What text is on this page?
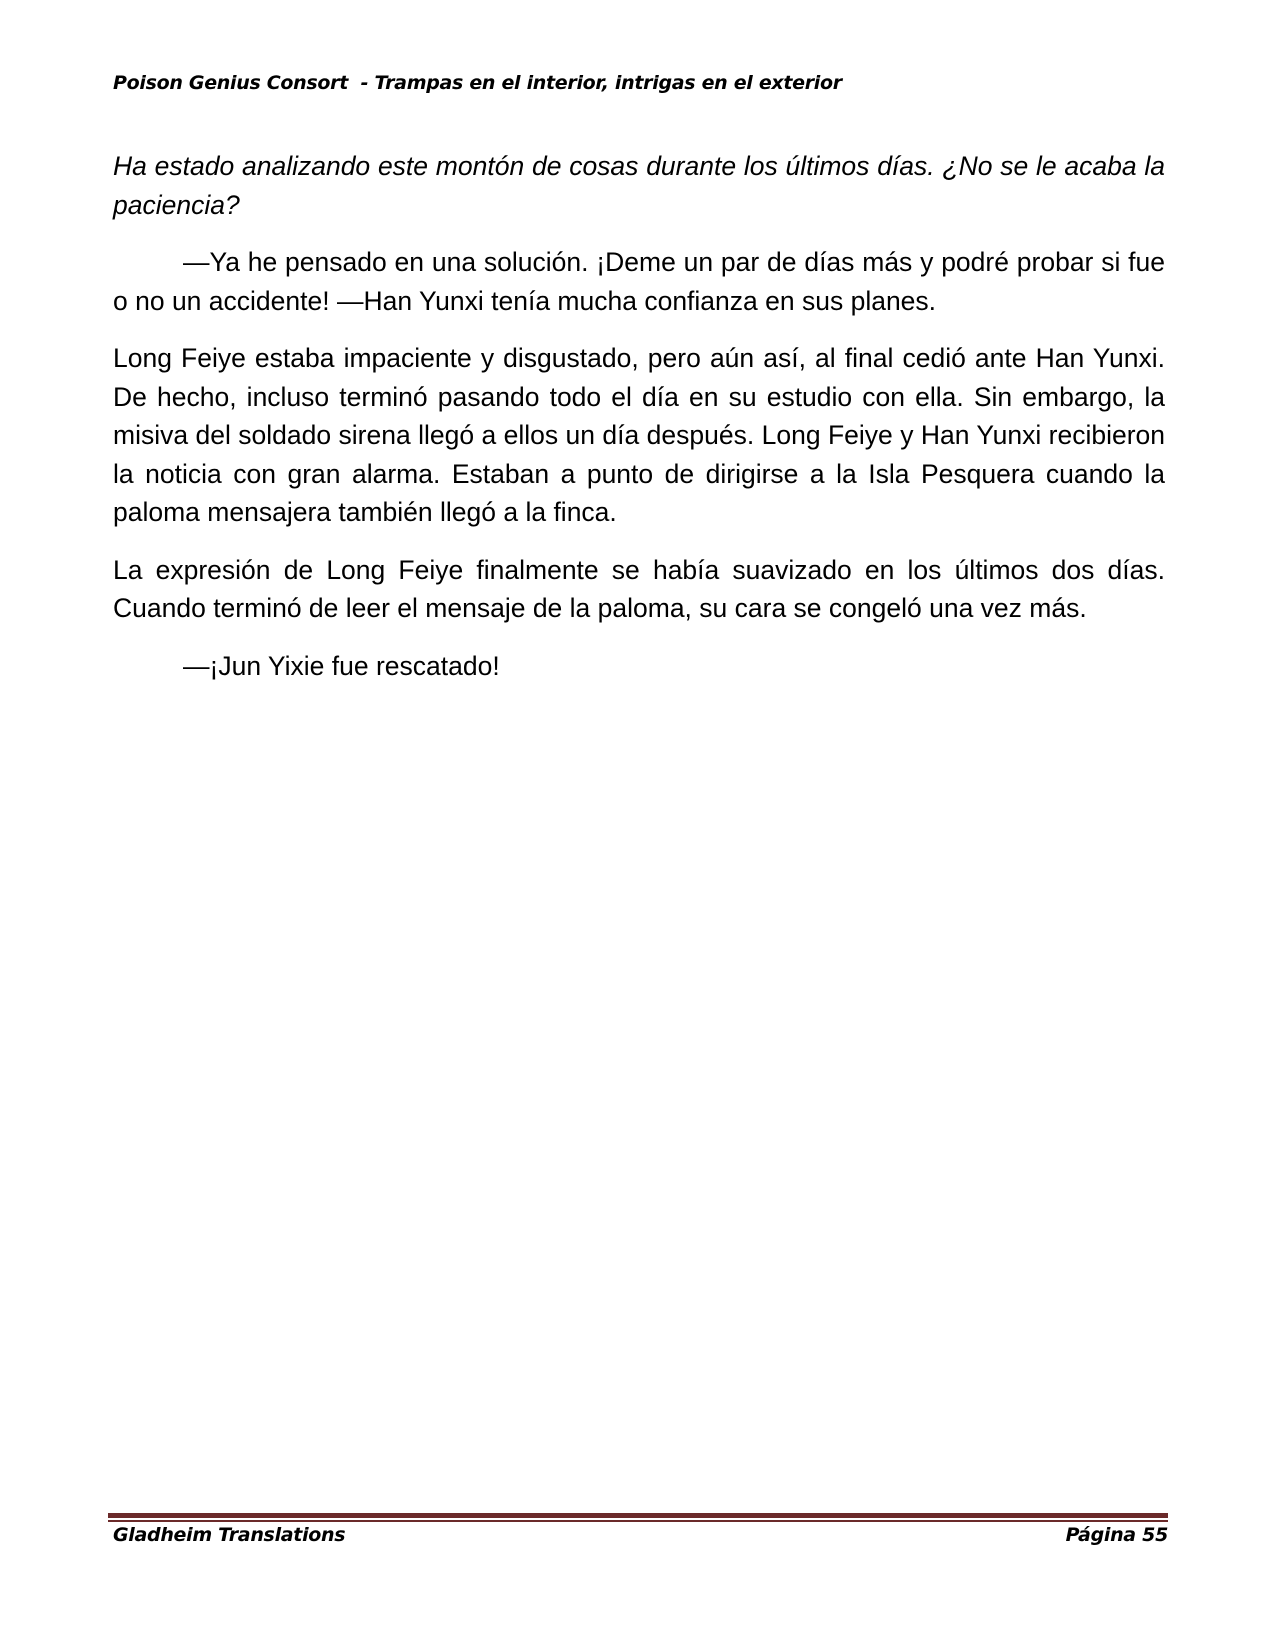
Poison Genius Consort  - Trampas en el interior, intrigas en el exterior

Ha estado analizando este montón de cosas durante los últimos días. ¿No se le acaba la paciencia?

—Ya he pensado en una solución. ¡Deme un par de días más y podré probar si fue o no un accidente! —Han Yunxi tenía mucha confianza en sus planes.

Long Feiye estaba impaciente y disgustado, pero aún así, al final cedió ante Han Yunxi. De hecho, incluso terminó pasando todo el día en su estudio con ella. Sin embargo, la misiva del soldado sirena llegó a ellos un día después. Long Feiye y Han Yunxi recibieron la noticia con gran alarma. Estaban a punto de dirigirse a la Isla Pesquera cuando la paloma mensajera también llegó a la finca.

La expresión de Long Feiye finalmente se había suavizado en los últimos dos días. Cuando terminó de leer el mensaje de la paloma, su cara se congeló una vez más.

—¡Jun Yixie fue rescatado!

Gladheim Translations	Página 55
